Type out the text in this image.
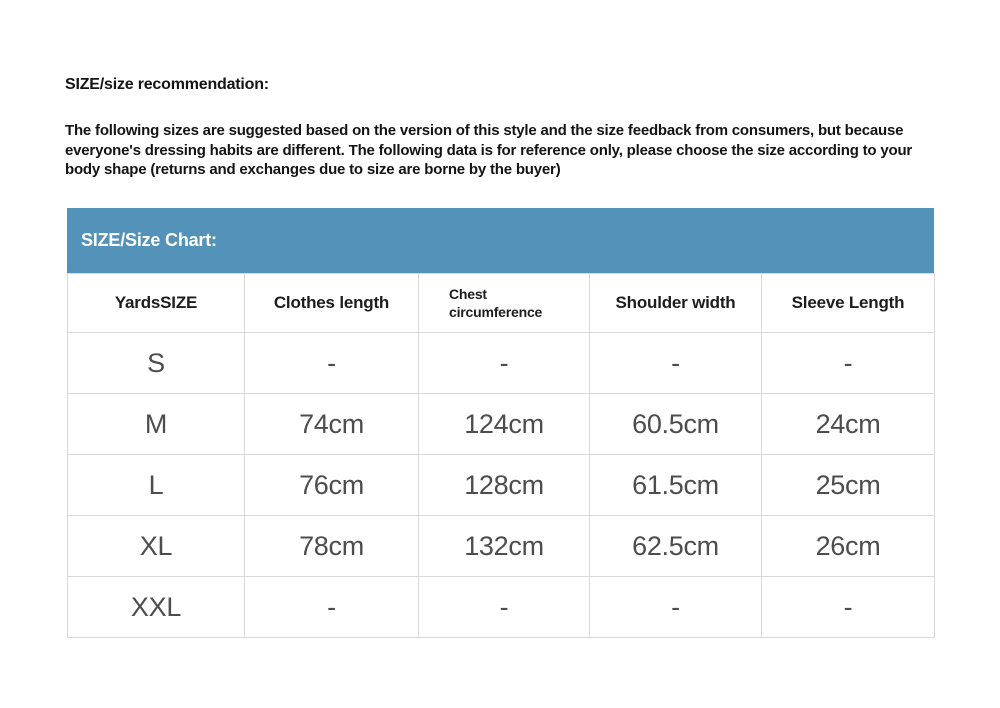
SIZE/size recommendation:
The following sizes are suggested based on the version of this style and the size feedback from consumers, but because everyone's dressing habits are different. The following data is for reference only, please choose the size according to your body shape (returns and exchanges due to size are borne by the buyer)
SIZE/Size Chart:
YardsSIZE	Clothes length	Chest circumference	Shoulder width	Sleeve Length
S	-	-	-	-
M	74cm	124cm	60.5cm	24cm
L	76cm	128cm	61.5cm	25cm
XL	78cm	132cm	62.5cm	26cm
XXL	-	-	-	-
